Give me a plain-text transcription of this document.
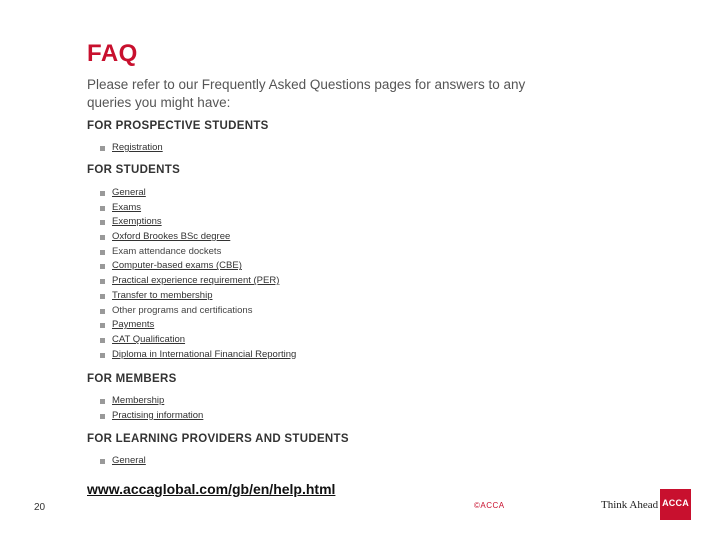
FAQ
Please refer to our Frequently Asked Questions pages for answers to any queries you might have:
FOR PROSPECTIVE STUDENTS
Registration
FOR STUDENTS
General
Exams
Exemptions
Oxford Brookes BSc degree
Exam attendance dockets
Computer-based exams (CBE)
Practical experience requirement (PER)
Transfer to membership
Other programs and certifications
Payments
CAT Qualification
Diploma in International Financial Reporting
FOR MEMBERS
Membership
Practising information
FOR LEARNING PROVIDERS AND STUDENTS
General
www.accaglobal.com/gb/en/help.html
20	©ACCA	Think Ahead ACCA
